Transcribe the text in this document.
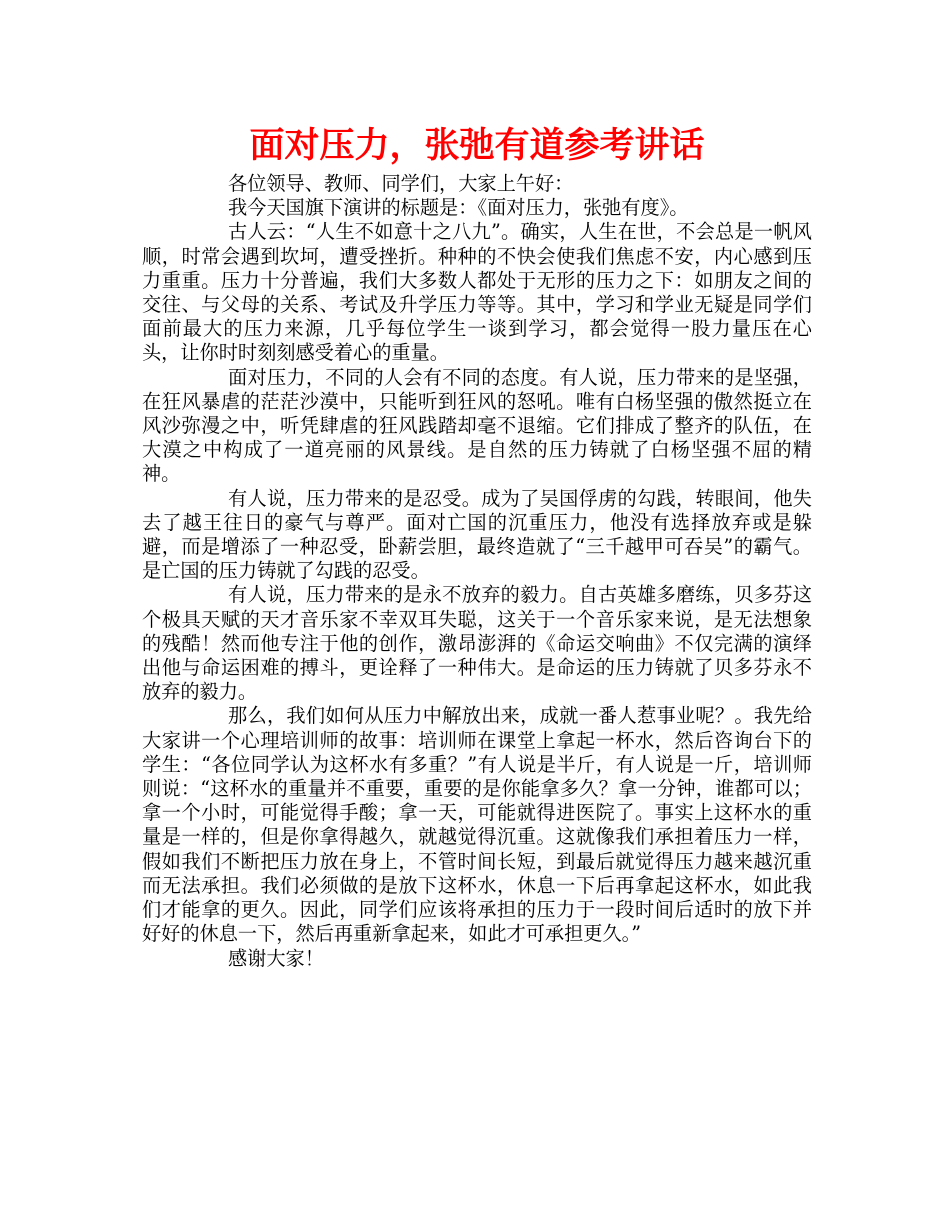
面对压力，张弛有道参考讲话

各位领导、教师、同学们，大家上午好：

我今天国旗下演讲的标题是：《面对压力，张弛有度》。

古人云：“人生不如意十之八九”。确实，人生在世，不会总是一帆风顺，时常会遇到坎坷，遭受挫折。种种的不快会使我们焦虑不安，内心感到压力重重。压力十分普遍，我们大多数人都处于无形的压力之下：如朋友之间的交往、与父母的关系、考试及升学压力等等。其中，学习和学业无疑是同学们面前最大的压力来源，几乎每位学生一谈到学习，都会觉得一股力量压在心头，让你时时刻刻感受着心的重量。

面对压力，不同的人会有不同的态度。有人说，压力带来的是坚强，在狂风暴虐的茫茫沙漠中，只能听到狂风的怒吼。唯有白杨坚强的傲然挺立在风沙弥漫之中，听凭肆虐的狂风践踏却毫不退缩。它们排成了整齐的队伍，在大漠之中构成了一道亮丽的风景线。是自然的压力铸就了白杨坚强不屈的精神。

有人说，压力带来的是忍受。成为了吴国俘虏的勾践，转眼间，他失去了越王往日的豪气与尊严。面对亡国的沉重压力，他没有选择放弃或是躲避，而是增添了一种忍受，卧薪尝胆，最终造就了“三千越甲可吞吴”的霸气。是亡国的压力铸就了勾践的忍受。

有人说，压力带来的是永不放弃的毅力。自古英雄多磨练，贝多芬这个极具天赋的天才音乐家不幸双耳失聪，这关于一个音乐家来说，是无法想象的残酷！然而他专注于他的创作，激昂澎湃的《命运交响曲》不仅完满的演绎出他与命运困难的搏斗，更诠释了一种伟大。是命运的压力铸就了贝多芬永不放弃的毅力。

那么，我们如何从压力中解放出来，成就一番人惹事业呢？。我先给大家讲一个心理培训师的故事：培训师在课堂上拿起一杯水，然后咨询台下的学生：“各位同学认为这杯水有多重？”有人说是半斤，有人说是一斤，培训师则说：“这杯水的重量并不重要，重要的是你能拿多久？拿一分钟，谁都可以；拿一个小时，可能觉得手酸；拿一天，可能就得进医院了。事实上这杯水的重量是一样的，但是你拿得越久，就越觉得沉重。这就像我们承担着压力一样，假如我们不断把压力放在身上，不管时间长短，到最后就觉得压力越来越沉重而无法承担。我们必须做的是放下这杯水，休息一下后再拿起这杯水，如此我们才能拿的更久。因此，同学们应该将承担的压力于一段时间后适时的放下并好好的休息一下，然后再重新拿起来，如此才可承担更久。”

感谢大家！
